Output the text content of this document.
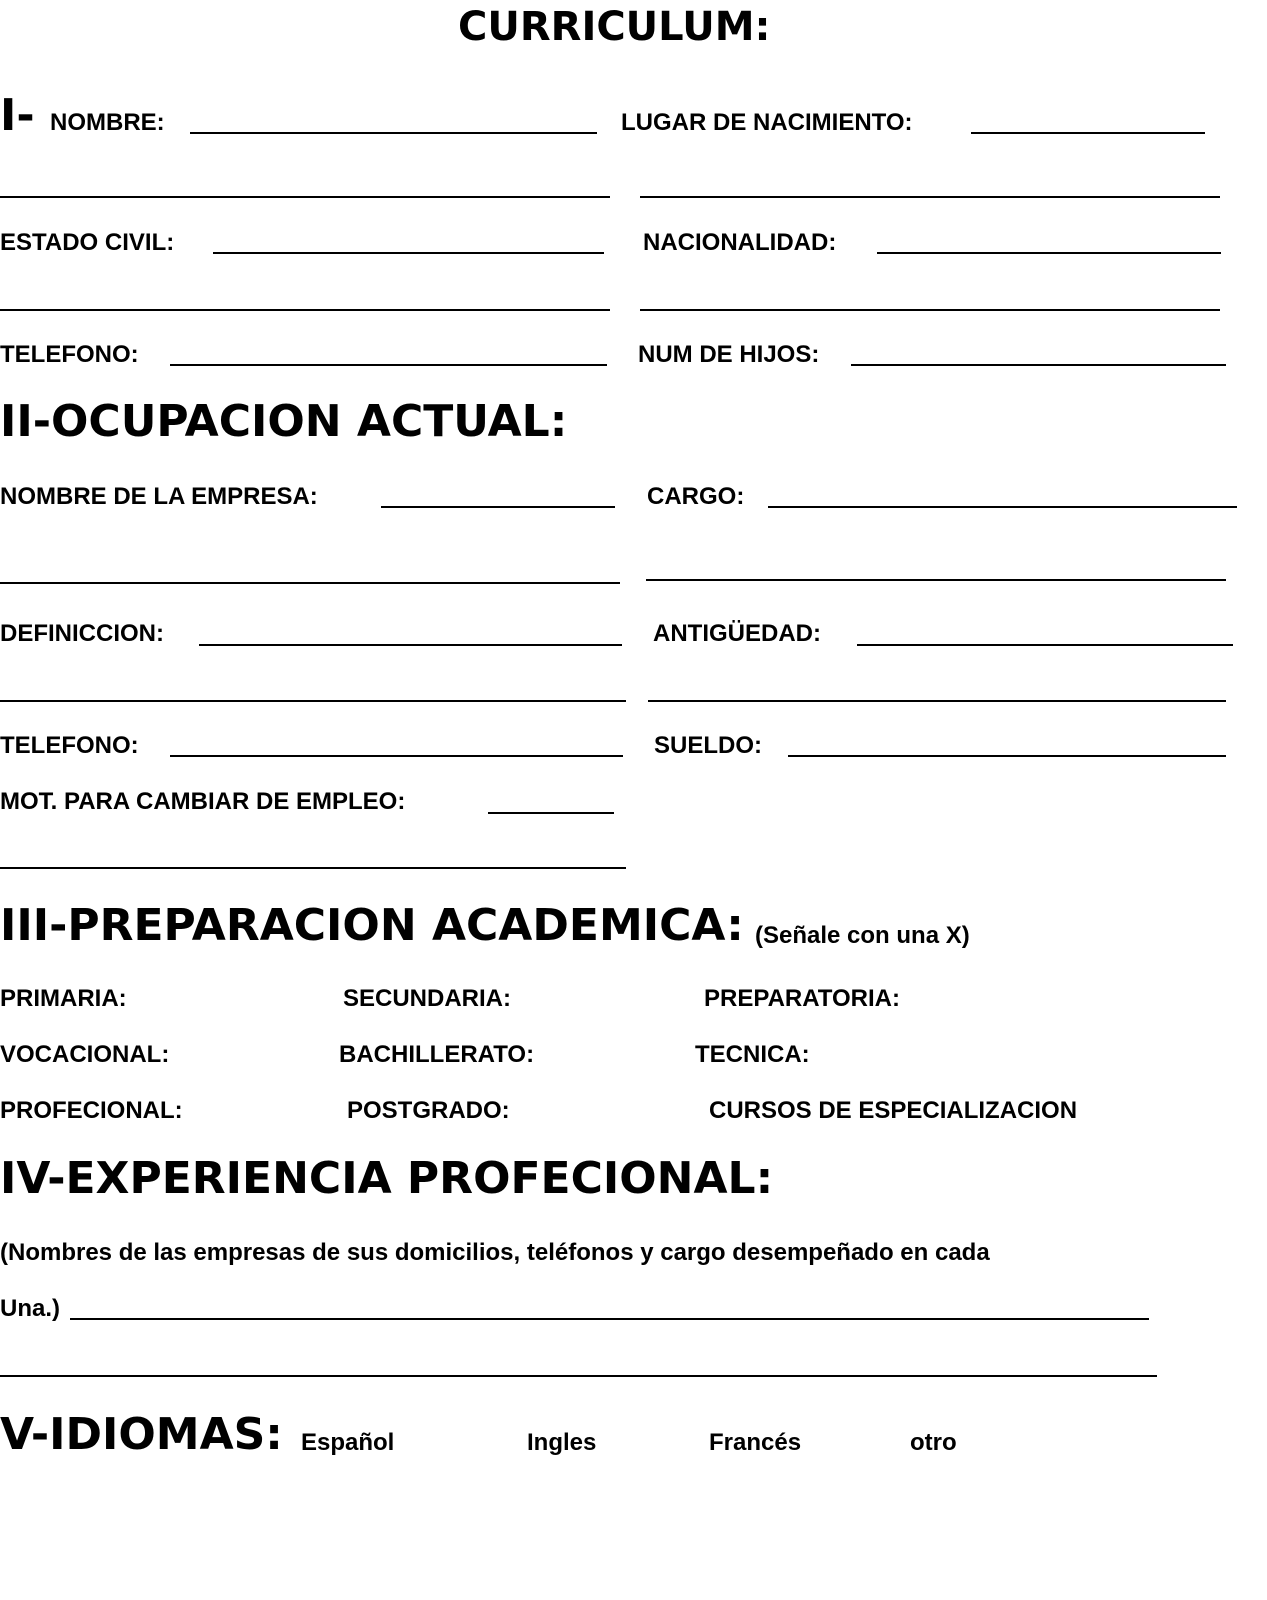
CURRICULUM:
I- NOMBRE:	LUGAR DE NACIMIENTO:
ESTADO CIVIL:	NACIONALIDAD:
TELEFONO:	NUM DE HIJOS:
II-OCUPACION ACTUAL:
NOMBRE DE LA EMPRESA:	CARGO:
DEFINICCION:	ANTIGÜEDAD:
TELEFONO:	SUELDO:
MOT. PARA CAMBIAR DE EMPLEO:
III-PREPARACION ACADEMICA: (Señale con una X)
PRIMARIA:	SECUNDARIA:	PREPARATORIA:
VOCACIONAL:	BACHILLERATO:	TECNICA:
PROFECIONAL:	POSTGRADO:	CURSOS DE ESPECIALIZACION
IV-EXPERIENCIA PROFECIONAL:
(Nombres de las empresas de sus domicilios, teléfonos y cargo desempeñado en cada
Una.)
V-IDIOMAS: Español	Ingles	Francés	otro
